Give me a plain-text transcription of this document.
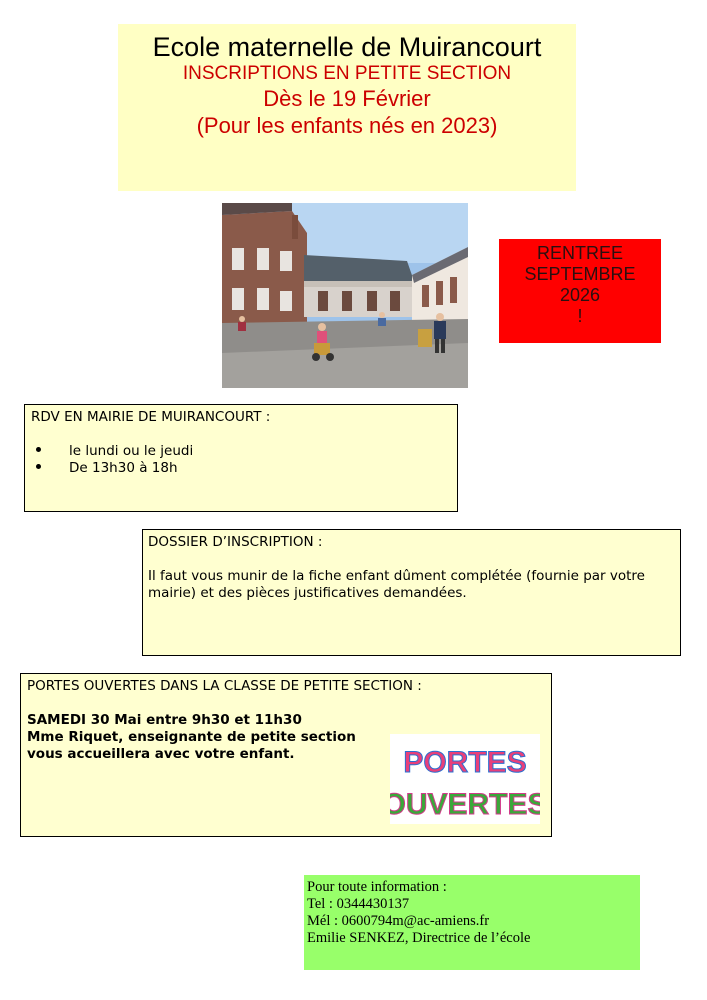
Ecole maternelle de Muirancourt
INSCRIPTIONS EN PETITE SECTION
Dès le 19 Février
(Pour les enfants nés en 2023)
RENTREE
SEPTEMBRE
2026
!
RDV EN MAIRIE DE MUIRANCOURT :
le lundi ou le jeudi
De 13h30 à 18h
DOSSIER D’INSCRIPTION :
Il faut vous munir de la fiche enfant dûment complétée (fournie par votre mairie) et des pièces justificatives demandées.
PORTES OUVERTES DANS LA CLASSE DE PETITE SECTION :
SAMEDI 30 Mai entre 9h30 et 11h30
Mme Riquet, enseignante de petite section
vous accueillera avec votre enfant.	PORTES
OUVERTES
Pour toute information :
Tel : 0344430137
Mél : 0600794m@ac-amiens.fr
Emilie SENKEZ, Directrice de l’école
